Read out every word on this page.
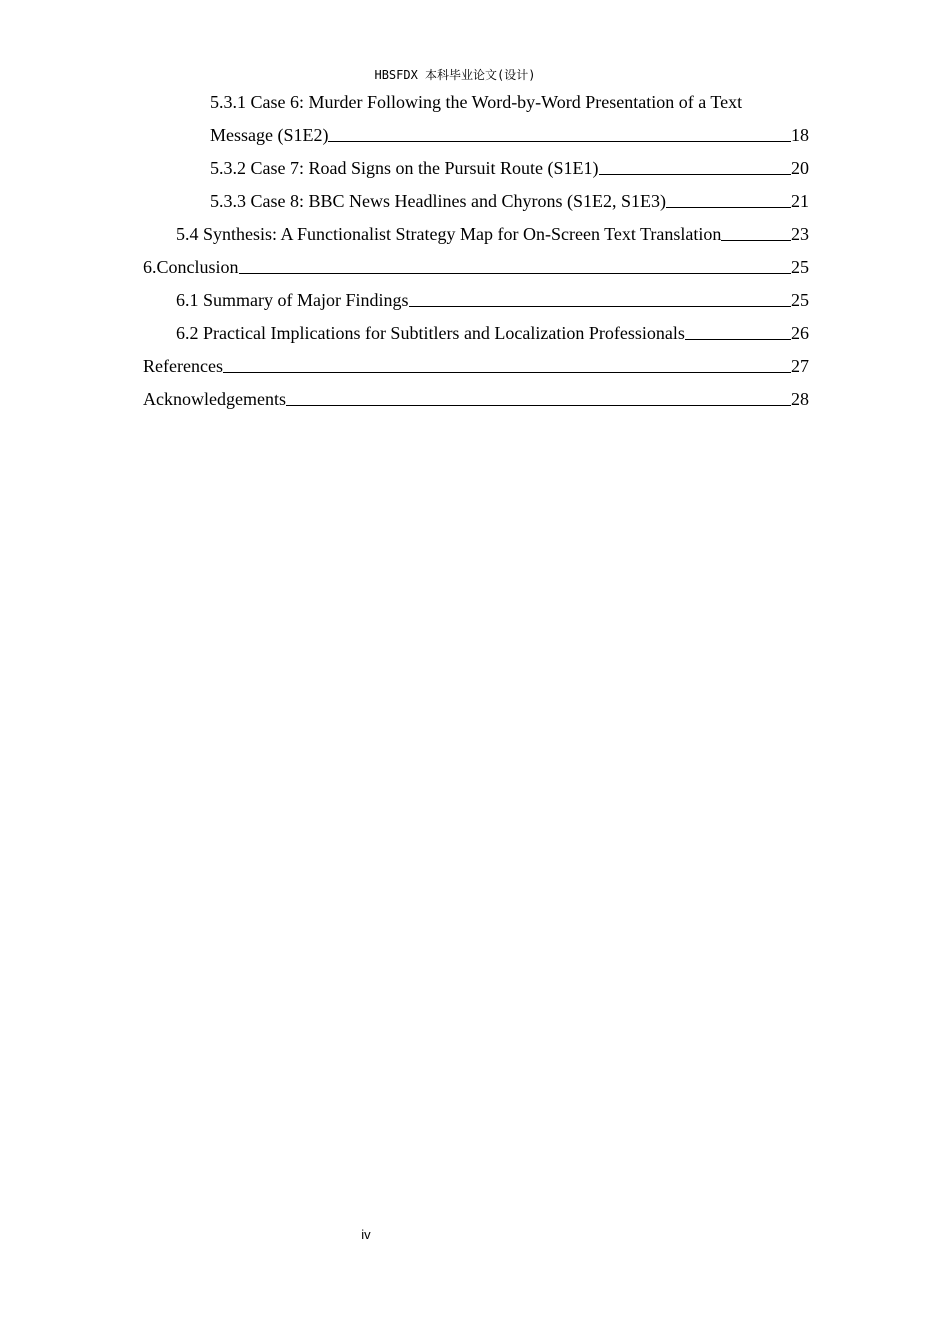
HBSFDX 本科毕业论文(设计)
5.3.1 Case 6: Murder Following the Word-by-Word Presentation of a Text
Message (S1E2)	18
5.3.2 Case 7: Road Signs on the Pursuit Route (S1E1)	20
5.3.3 Case 8: BBC News Headlines and Chyrons (S1E2, S1E3)	21
5.4 Synthesis: A Functionalist Strategy Map for On-Screen Text Translation	23
6.Conclusion	25
6.1 Summary of Major Findings	25
6.2 Practical Implications for Subtitlers and Localization Professionals	26
References	27
Acknowledgements	28
iv
